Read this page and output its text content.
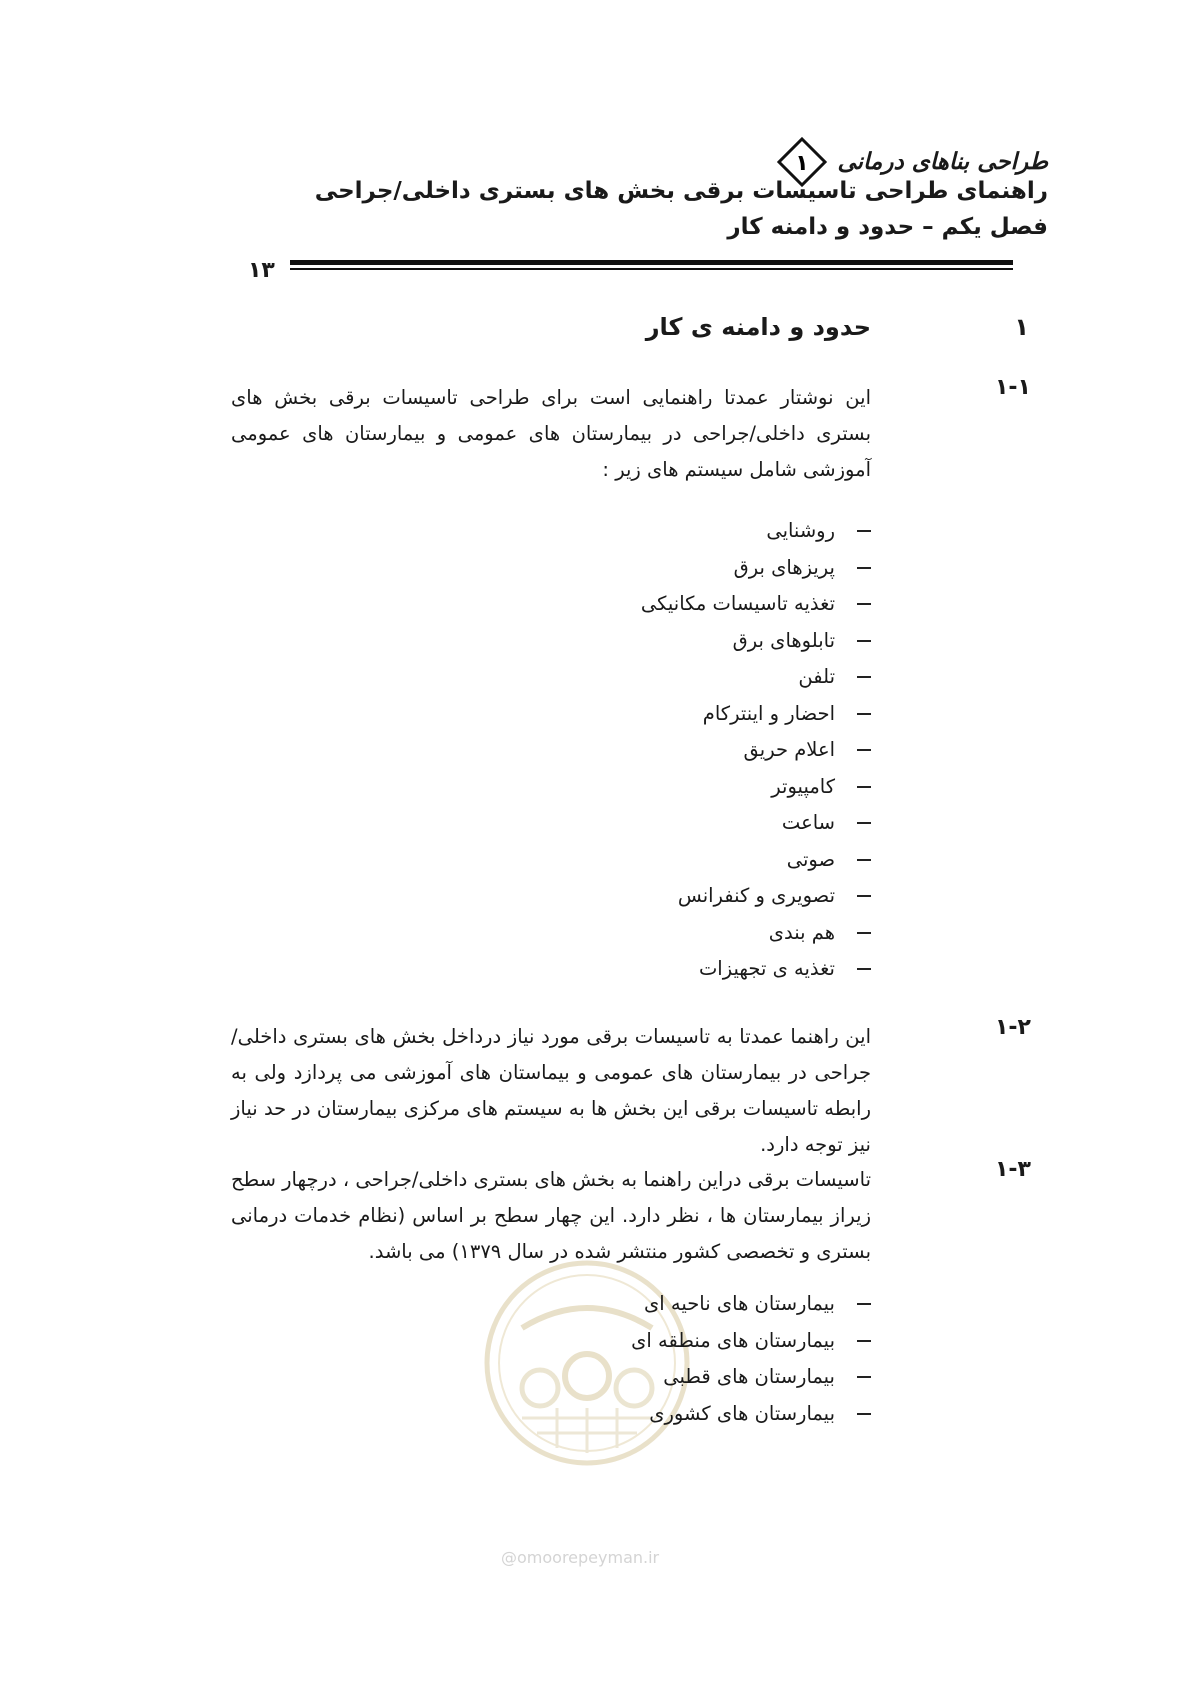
طراحی بناهای درمانی
۱
راهنمای طراحی تاسیسات برقی بخش های بستری داخلی/جراحی
فصل یکم – حدود و دامنه کار
۱۳
۱
حدود و دامنه ی کار
۱-۱
این نوشتار عمدتا راهنمایی است برای طراحی تاسیسات برقی بخش های بستری داخلی/جراحی در بیمارستان های عمومی و بیمارستان های عمومی آموزشی شامل سیستم های زیر :
روشنایی
پریزهای برق
تغذیه تاسیسات مکانیکی
تابلوهای برق
تلفن
احضار و اینترکام
اعلام حریق
کامپیوتر
ساعت
صوتی
تصویری و کنفرانس
هم بندی
تغذیه ی تجهیزات
۱-۲
این راهنما عمدتا به تاسیسات برقی مورد نیاز درداخل بخش های بستری داخلی/جراحی در بیمارستان های عمومی و بیماستان های آموزشی می پردازد ولی به رابطه تاسیسات برقی این بخش ها به سیستم های مرکزی بیمارستان در حد نیاز نیز توجه دارد.
۱-۳
تاسیسات برقی دراین راهنما به بخش های بستری داخلی/جراحی ، درچهار سطح زیراز بیمارستان ها ، نظر دارد. این چهار سطح بر اساس (نظام خدمات درمانی بستری و تخصصی کشور منتشر شده در سال ۱۳۷۹) می باشد.
@omoorepeyman.ir
بیمارستان های ناحیه ای
بیمارستان های منطقه ای
بیمارستان های قطبی
بیمارستان های کشوری
